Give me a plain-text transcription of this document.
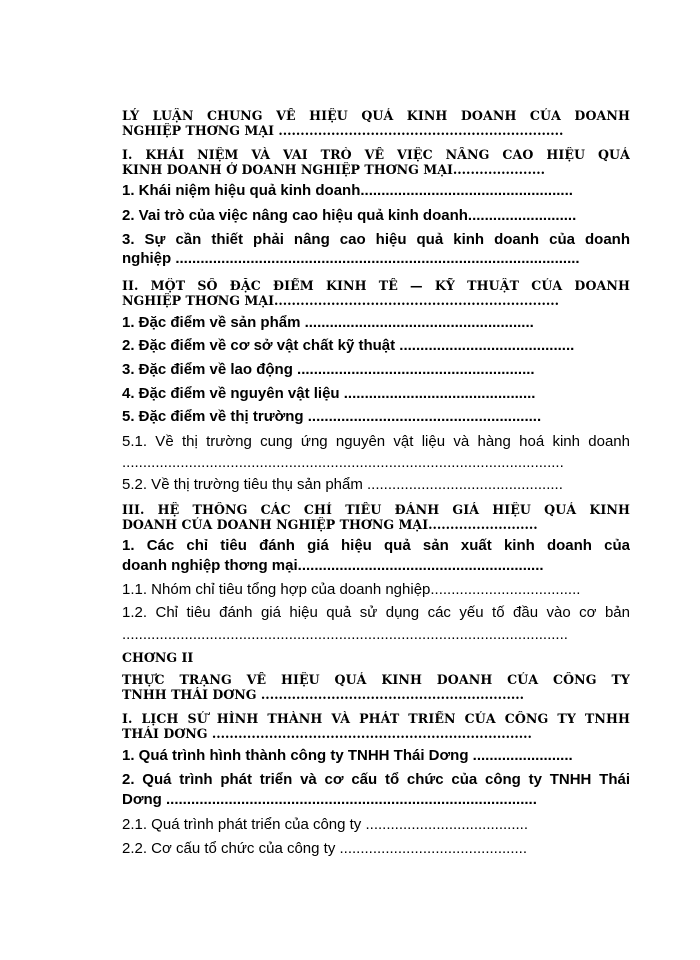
LÝ LUẬN CHUNG VỀ HIỆU QUẢ KINH DOANH CỦA DOANH
NGHIỆP THƠNG MẠI .................................................................
I. KHÁI NIỆM VÀ VAI TRÒ VỀ VIỆC NÂNG CAO HIỆU QUẢ
KINH DOANH Ở DOANH NGHIỆP THƠNG MẠI.....................
1. Khái niệm hiệu quả kinh doanh...................................................
2. Vai trò của việc nâng cao hiệu quả kinh doanh..........................
3. Sự cần thiết phải nâng cao hiệu quả kinh doanh của doanh
nghiệp .................................................................................................
II. MỘT SỐ ĐẶC ĐIỂM KINH TẾ — KỸ THUẬT CỦA DOANH
NGHIỆP THƠNG MẠI.................................................................
1. Đặc điểm về sản phẩm .......................................................
2. Đặc điểm về cơ sở vật chất kỹ thuật ..........................................
3. Đặc điểm về lao động .........................................................
4. Đặc điểm về nguyên vật liệu ..............................................
5. Đặc điểm về thị trường ........................................................
5.1. Về thị trường cung ứng nguyên vật liệu và hàng hoá kinh doanh
..........................................................................................................
5.2. Về thị trường tiêu thụ sản phẩm ...............................................
III. HỆ THỐNG CÁC CHỈ TIÊU ĐÁNH GIÁ HIỆU QUẢ KINH
DOANH CỦA DOANH NGHIỆP THƠNG MẠI.........................
1. Các chỉ tiêu đánh giá hiệu quả sản xuất kinh doanh của
doanh nghiệp thơng mại...........................................................
1.1. Nhóm chỉ tiêu tổng hợp của doanh nghiệp....................................
1.2. Chỉ tiêu đánh giá hiệu quả sử dụng các yếu tố đầu vào cơ bản
...........................................................................................................
CHƠNG II
THỰC TRẠNG VỀ HIỆU QUẢ KINH DOANH CỦA CÔNG TY
TNHH THÁI DƠNG ............................................................
I. LỊCH SỬ HÌNH THÀNH VÀ PHÁT TRIỂN CỦA CÔNG TY TNHH
THÁI DƠNG .........................................................................
1. Quá trình hình thành công ty TNHH Thái Dơng ........................
2. Quá trình phát triển và cơ cấu tổ chức của công ty TNHH Thái
Dơng .........................................................................................
2.1. Quá trình phát triển của công ty .......................................
2.2. Cơ cấu tổ chức của công ty .............................................
